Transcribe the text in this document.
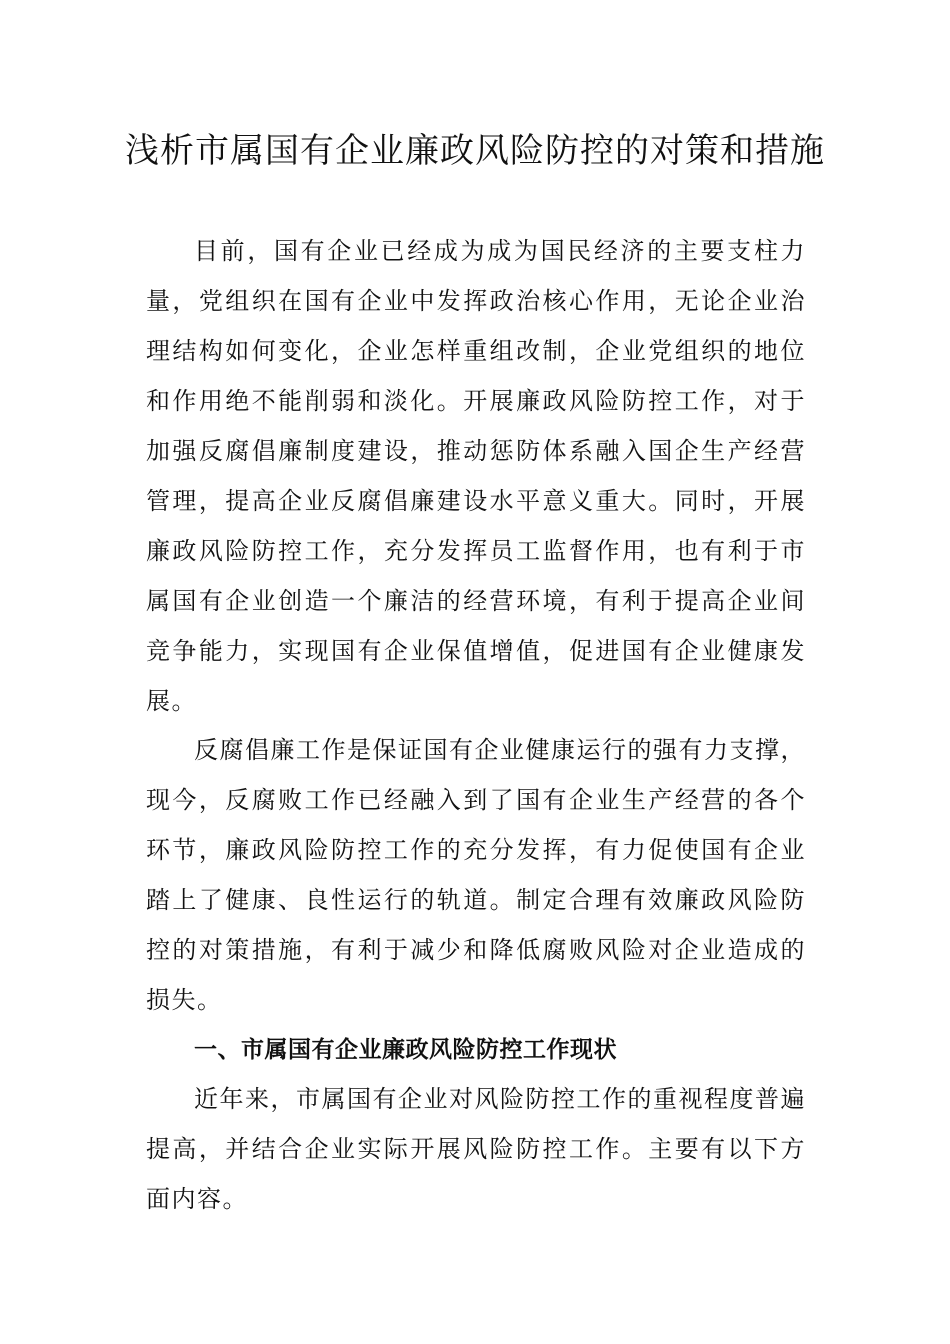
浅析市属国有企业廉政风险防控的对策和措施

目前，国有企业已经成为成为国民经济的主要支柱力量，党组织在国有企业中发挥政治核心作用，无论企业治理结构如何变化，企业怎样重组改制，企业党组织的地位和作用绝不能削弱和淡化。开展廉政风险防控工作，对于加强反腐倡廉制度建设，推动惩防体系融入国企生产经营管理，提高企业反腐倡廉建设水平意义重大。同时，开展廉政风险防控工作，充分发挥员工监督作用，也有利于市属国有企业创造一个廉洁的经营环境，有利于提高企业间竞争能力，实现国有企业保值增值，促进国有企业健康发展。

反腐倡廉工作是保证国有企业健康运行的强有力支撑，现今，反腐败工作已经融入到了国有企业生产经营的各个环节，廉政风险防控工作的充分发挥，有力促使国有企业踏上了健康、良性运行的轨道。制定合理有效廉政风险防控的对策措施，有利于减少和降低腐败风险对企业造成的损失。

一、市属国有企业廉政风险防控工作现状

近年来，市属国有企业对风险防控工作的重视程度普遍提高，并结合企业实际开展风险防控工作。主要有以下方面内容。
